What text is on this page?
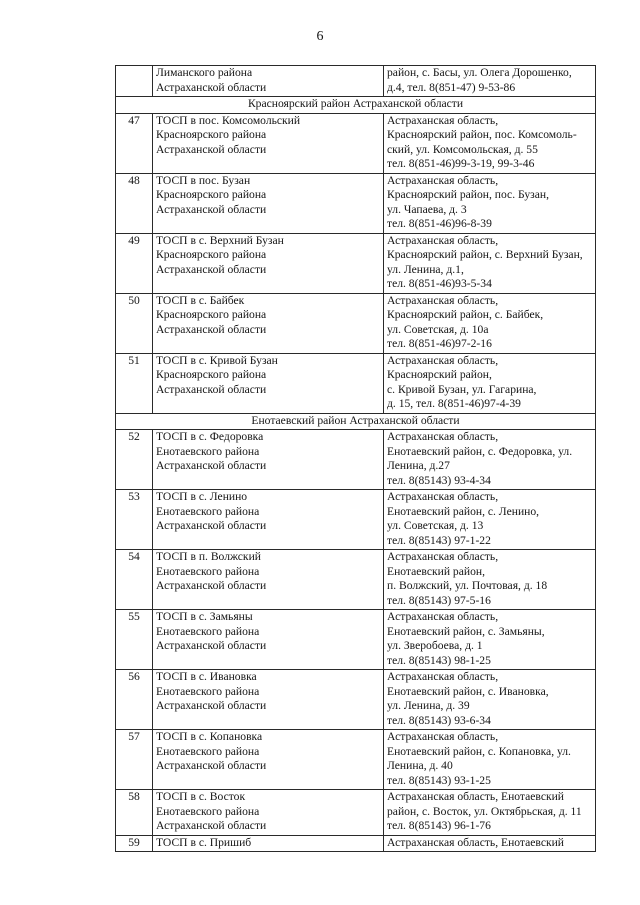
6
	Лиманского района
Астраханской области	район, с. Басы, ул. Олега Дорошенко,
д.4, тел. 8(851-47) 9-53-86
Красноярский район Астраханской области		
47	ТОСП в пос. Комсомольский
Красноярского района
Астраханской области	Астраханская область,
Красноярский район, пос. Комсомоль-
ский, ул. Комсомольская, д. 55
тел. 8(851-46)99-3-19, 99-3-46
48	ТОСП в пос. Бузан
Красноярского района
Астраханской области	Астраханская область,
Красноярский район, пос. Бузан,
ул. Чапаева, д. 3
тел. 8(851-46)96-8-39
49	ТОСП в с. Верхний Бузан
Красноярского района
Астраханской области	Астраханская область,
Красноярский район, с. Верхний Бузан,
ул. Ленина, д.1,
тел. 8(851-46)93-5-34
50	ТОСП в с. Байбек
Красноярского района
Астраханской области	Астраханская область,
Красноярский район, с. Байбек,
ул. Советская, д. 10а
тел. 8(851-46)97-2-16
51	ТОСП в с. Кривой Бузан
Красноярского района
Астраханской области	Астраханская область,
Красноярский район,
с. Кривой Бузан, ул. Гагарина,
д. 15, тел. 8(851-46)97-4-39
Енотаевский район Астраханской области		
52	ТОСП в с. Федоровка
Енотаевского района
Астраханской области	Астраханская область,
Енотаевский район, с. Федоровка, ул.
Ленина, д.27
тел. 8(85143) 93-4-34
53	ТОСП в с. Ленино
Енотаевского района
Астраханской области	Астраханская область,
Енотаевский район, с. Ленино,
ул. Советская, д. 13
тел. 8(85143) 97-1-22
54	ТОСП в п. Волжский
Енотаевского района
Астраханской области	Астраханская область,
Енотаевский район,
п. Волжский, ул. Почтовая, д. 18
тел. 8(85143) 97-5-16
55	ТОСП в с. Замьяны
Енотаевского района
Астраханской области	Астраханская область,
Енотаевский район, с. Замьяны,
ул. Зверобоева, д. 1
тел. 8(85143) 98-1-25
56	ТОСП в с. Ивановка
Енотаевского района
Астраханской области	Астраханская область,
Енотаевский район, с. Ивановка,
ул. Ленина, д. 39
тел. 8(85143) 93-6-34
57	ТОСП в с. Копановка
Енотаевского района
Астраханской области	Астраханская область,
Енотаевский район, с. Копановка, ул.
Ленина, д. 40
тел. 8(85143) 93-1-25
58	ТОСП в с. Восток
Енотаевского района
Астраханской области	Астраханская область, Енотаевский
район, с. Восток, ул. Октябрьская, д. 11
тел. 8(85143) 96-1-76
59	ТОСП в с. Пришиб	Астраханская область, Енотаевский
